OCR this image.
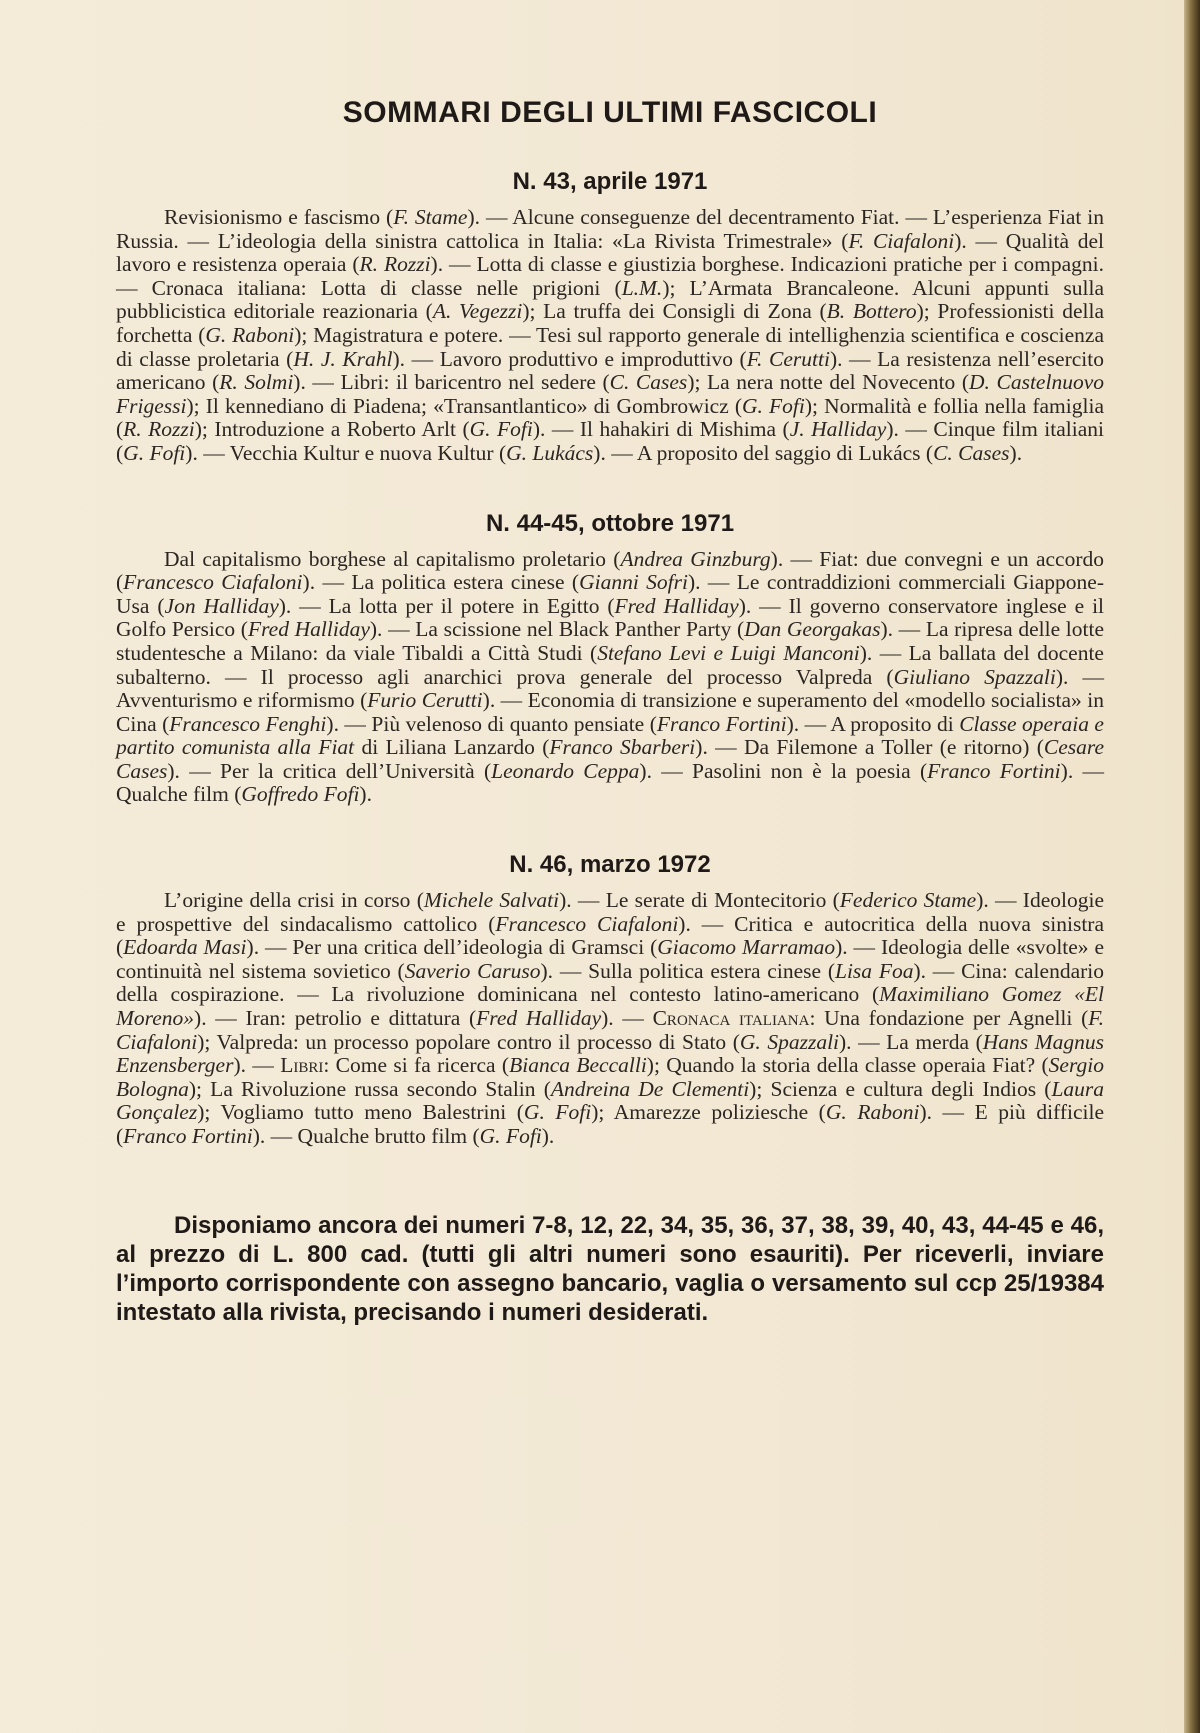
SOMMARI DEGLI ULTIMI FASCICOLI
N. 43, aprile 1971

Revisionismo e fascismo (F. Stame). — Alcune conseguenze del decentramento Fiat. — L’esperienza Fiat in Russia. — L’ideologia della sinistra cattolica in Italia: «La Rivista Trimestrale» (F. Ciafaloni). — Qualità del lavoro e resistenza operaia (R. Rozzi). — Lotta di classe e giustizia borghese. Indicazioni pratiche per i compagni. — Cronaca italiana: Lotta di classe nelle prigioni (L.M.); L’Armata Brancaleone. Alcuni appunti sulla pubblicistica editoriale reazionaria (A. Vegezzi); La truffa dei Consigli di Zona (B. Bottero); Professionisti della forchetta (G. Raboni); Magistratura e potere. — Tesi sul rapporto generale di intellighenzia scientifica e coscienza di classe proletaria (H. J. Krahl). — Lavoro produttivo e improduttivo (F. Cerutti). — La resistenza nell’esercito americano (R. Solmi). — Libri: il baricentro nel sedere (C. Cases); La nera notte del Novecento (D. Castelnuovo Frigessi); Il kennediano di Piadena; «Transantlantico» di Gombrowicz (G. Fofi); Normalità e follia nella famiglia (R. Rozzi); Introduzione a Roberto Arlt (G. Fofi). — Il hahakiri di Mishima (J. Halliday). — Cinque film italiani (G. Fofi). — Vecchia Kultur e nuova Kultur (G. Lukács). — A proposito del saggio di Lukács (C. Cases).

N. 44-45, ottobre 1971

Dal capitalismo borghese al capitalismo proletario (Andrea Ginzburg). — Fiat: due convegni e un accordo (Francesco Ciafaloni). — La politica estera cinese (Gianni Sofri). — Le contraddizioni commerciali Giappone-Usa (Jon Halliday). — La lotta per il potere in Egitto (Fred Halliday). — Il governo conservatore inglese e il Golfo Persico (Fred Halliday). — La scissione nel Black Panther Party (Dan Georgakas). — La ripresa delle lotte studentesche a Milano: da viale Tibaldi a Città Studi (Stefano Levi e Luigi Manconi). — La ballata del docente subalterno. — Il processo agli anarchici prova generale del processo Valpreda (Giuliano Spazzali). — Avventurismo e riformismo (Furio Cerutti). — Economia di transizione e superamento del «modello socialista» in Cina (Francesco Fenghi). — Più velenoso di quanto pensiate (Franco Fortini). — A proposito di Classe operaia e partito comunista alla Fiat di Liliana Lanzardo (Franco Sbarberi). — Da Filemone a Toller (e ritorno) (Cesare Cases). — Per la critica dell’Università (Leonardo Ceppa). — Pasolini non è la poesia (Franco Fortini). — Qualche film (Goffredo Fofi).

N. 46, marzo 1972

L’origine della crisi in corso (Michele Salvati). — Le serate di Montecitorio (Federico Stame). — Ideologie e prospettive del sindacalismo cattolico (Francesco Ciafaloni). — Critica e autocritica della nuova sinistra (Edoarda Masi). — Per una critica dell’ideologia di Gramsci (Giacomo Marramao). — Ideologia delle «svolte» e continuità nel sistema sovietico (Saverio Caruso). — Sulla politica estera cinese (Lisa Foa). — Cina: calendario della cospirazione. — La rivoluzione dominicana nel contesto latino-americano (Maximiliano Gomez «El Moreno»). — Iran: petrolio e dittatura (Fred Halliday). — Cronaca italiana: Una fondazione per Agnelli (F. Ciafaloni); Valpreda: un processo popolare contro il processo di Stato (G. Spazzali). — La merda (Hans Magnus Enzensberger). — Libri: Come si fa ricerca (Bianca Beccalli); Quando la storia della classe operaia Fiat? (Sergio Bologna); La Rivoluzione russa secondo Stalin (Andreina De Clementi); Scienza e cultura degli Indios (Laura Gonçalez); Vogliamo tutto meno Balestrini (G. Fofi); Amarezze poliziesche (G. Raboni). — E più difficile (Franco Fortini). — Qualche brutto film (G. Fofi).

Disponiamo ancora dei numeri 7-8, 12, 22, 34, 35, 36, 37, 38, 39, 40, 43, 44-45 e 46, al prezzo di L. 800 cad. (tutti gli altri numeri sono esauriti). Per riceverli, inviare l’importo corrispondente con assegno bancario, vaglia o versamento sul ccp 25/19384 intestato alla rivista, precisando i numeri desiderati.
